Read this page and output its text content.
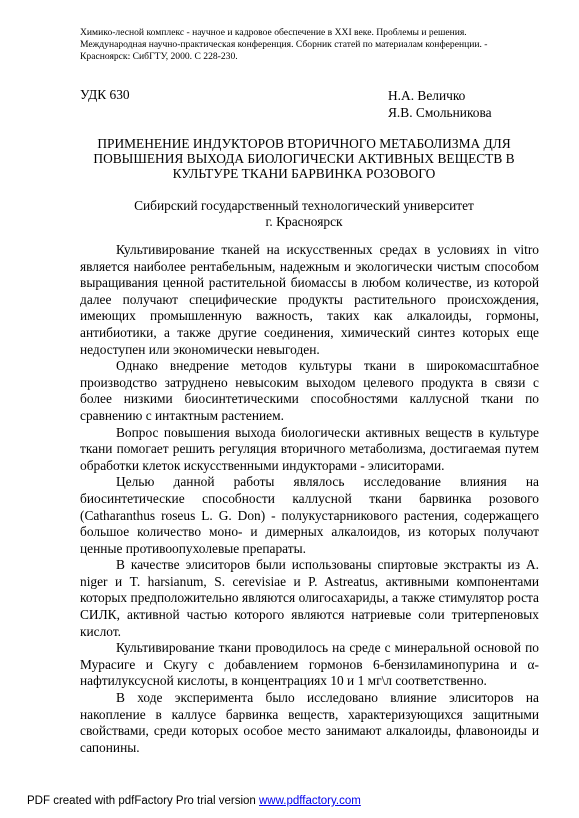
Химико-лесной комплекс - научное и кадровое обеспечение в XXI веке. Проблемы и решения.
Международная научно-практическая конференция. Сборник статей по материалам конференции. -
Красноярск: СибГТУ, 2000. С 228-230.
УДК 630	Н.А. Величко
Я.В. Смольникова
ПРИМЕНЕНИЕ ИНДУКТОРОВ ВТОРИЧНОГО МЕТАБОЛИЗМА ДЛЯ
ПОВЫШЕНИЯ ВЫХОДА БИОЛОГИЧЕСКИ АКТИВНЫХ ВЕЩЕСТВ В
КУЛЬТУРЕ ТКАНИ БАРВИНКА РОЗОВОГО
Сибирский государственный технологический университет
г. Красноярск

Культивирование тканей на искусственных средах в условиях in vitro является наиболее рентабельным, надежным и экологически чистым способом выращивания ценной растительной биомассы в любом количестве, из которой далее получают специфические продукты растительного происхождения, имеющих промышленную важность, таких как алкалоиды, гормоны, антибиотики, а также другие соединения, химический синтез которых еще недоступен или экономически невыгоден.

Однако внедрение методов культуры ткани в широкомасштабное производство затруднено невысоким выходом целевого продукта в связи с более низкими биосинтетическими способностями каллусной ткани по сравнению с интактным растением.

Вопрос повышения выхода биологически активных веществ в культуре ткани помогает решить регуляция вторичного метаболизма, достигаемая путем обработки клеток искусственными индукторами - элиситорами.

Целью данной работы являлось исследование влияния на биосинтетические способности каллусной ткани барвинка розового (Catharanthus roseus L. G. Don) - полукустарникового растения, содержащего большое количество моно- и димерных алкалоидов, из которых получают ценные противоопухолевые препараты.

В качестве элиситоров были использованы спиртовые экстракты из A. niger и T. harsianum, S. cerevisiae и P. Astreatus, активными компонентами которых предположительно являются олигосахариды, а также стимулятор роста СИЛК, активной частью которого являются натриевые соли тритерпеновых кислот.

Культивирование ткани проводилось на среде с минеральной основой по Мурасиге и Скугу с добавлением гормонов 6-бензиламинопурина и α-нафтилуксусной кислоты, в концентрациях 10 и 1 мг\л соответственно.

В ходе эксперимента было исследовано влияние элиситоров на накопление в каллусе барвинка веществ, характеризующихся защитными свойствами, среди которых особое место занимают алкалоиды, флавоноиды и сапонины.

PDF created with pdfFactory Pro trial version www.pdffactory.com
